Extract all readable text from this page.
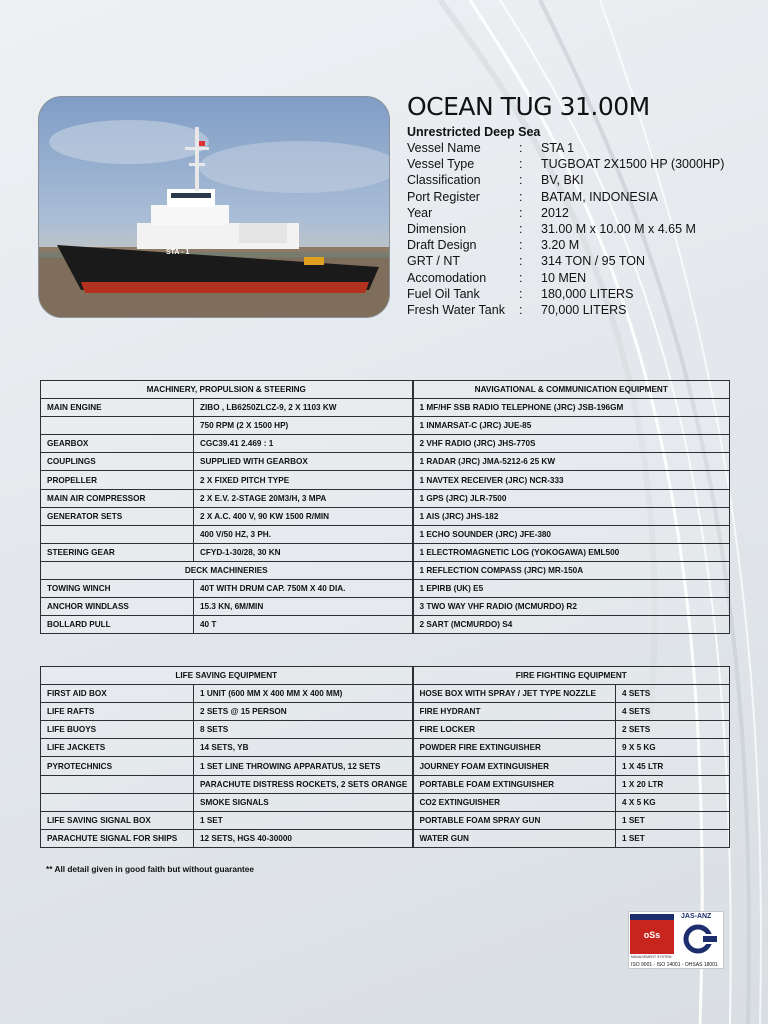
STA - 1
OCEAN TUG 31.00M
Unrestricted Deep Sea
Vessel Name	:	STA 1
Vessel Type	:	TUGBOAT 2X1500 HP (3000HP)
Classification	:	BV, BKI
Port Register	:	BATAM, INDONESIA
Year	:	2012
Dimension	:	31.00 M x 10.00 M x 4.65 M
Draft Design	:	3.20 M
GRT / NT	:	314 TON / 95 TON
Accomodation	:	10 MEN
Fuel Oil Tank	:	180,000 LITERS
Fresh Water Tank	:	70,000 LITERS
MACHINERY, PROPULSION & STEERING		NAVIGATIONAL & COMMUNICATION EQUIPMENT
MAIN ENGINE	ZIBO , LB6250ZLCZ-9, 2 X 1103 KW	1 MF/HF SSB RADIO TELEPHONE (JRC) JSB-196GM
	750 RPM (2 X 1500 HP)	1 INMARSAT-C (JRC) JUE-85
GEARBOX	CGC39.41 2.469 : 1	2 VHF RADIO (JRC) JHS-770S
COUPLINGS	SUPPLIED WITH GEARBOX	1 RADAR (JRC) JMA-5212-6 25 KW
PROPELLER	2 X FIXED PITCH TYPE	1 NAVTEX RECEIVER (JRC) NCR-333
MAIN AIR COMPRESSOR	2 X E.V. 2-STAGE 20M3/H, 3 MPA	1 GPS (JRC) JLR-7500
GENERATOR SETS	2 X A.C. 400 V, 90 KW 1500 R/MIN	1 AIS (JRC) JHS-182
	400 V/50 HZ, 3 PH.	1 ECHO SOUNDER (JRC) JFE-380
STEERING GEAR	CFYD-1-30/28, 30 KN	1 ELECTROMAGNETIC LOG (YOKOGAWA) EML500
DECK MACHINERIES		1 REFLECTION COMPASS (JRC) MR-150A
TOWING WINCH	40T WITH DRUM CAP. 750M X 40 DIA.	1 EPIRB (UK) E5
ANCHOR WINDLASS	15.3 KN, 6M/MIN	3 TWO WAY VHF RADIO (MCMURDO) R2
BOLLARD PULL	40 T	2 SART (MCMURDO) S4
LIFE SAVING EQUIPMENT		FIRE FIGHTING EQUIPMENT	
FIRST AID BOX	1 UNIT (600 MM X 400 MM X 400 MM)	HOSE BOX WITH SPRAY / JET TYPE NOZZLE	4 SETS
LIFE RAFTS	2 SETS @ 15 PERSON	FIRE HYDRANT	4 SETS
LIFE BUOYS	8 SETS	FIRE LOCKER	2 SETS
LIFE JACKETS	14 SETS, YB	POWDER FIRE EXTINGUISHER	9 X 5 KG
PYROTECHNICS	1 SET LINE THROWING APPARATUS, 12 SETS	JOURNEY FOAM EXTINGUISHER	1 X 45 LTR
	PARACHUTE DISTRESS ROCKETS, 2 SETS ORANGE	PORTABLE FOAM EXTINGUISHER	1 X 20 LTR
	SMOKE SIGNALS	CO2 EXTINGUISHER	4 X 5 KG
LIFE SAVING SIGNAL BOX	1 SET	PORTABLE FOAM SPRAY GUN	1 SET
PARACHUTE SIGNAL FOR SHIPS	12 SETS, HGS 40-30000	WATER GUN	1 SET
** All detail given in good faith but without guarantee
oSs
JAS-ANZ
MANAGEMENT SYSTEM
ISO 9001 - ISO 14001 - OHSAS 18001
